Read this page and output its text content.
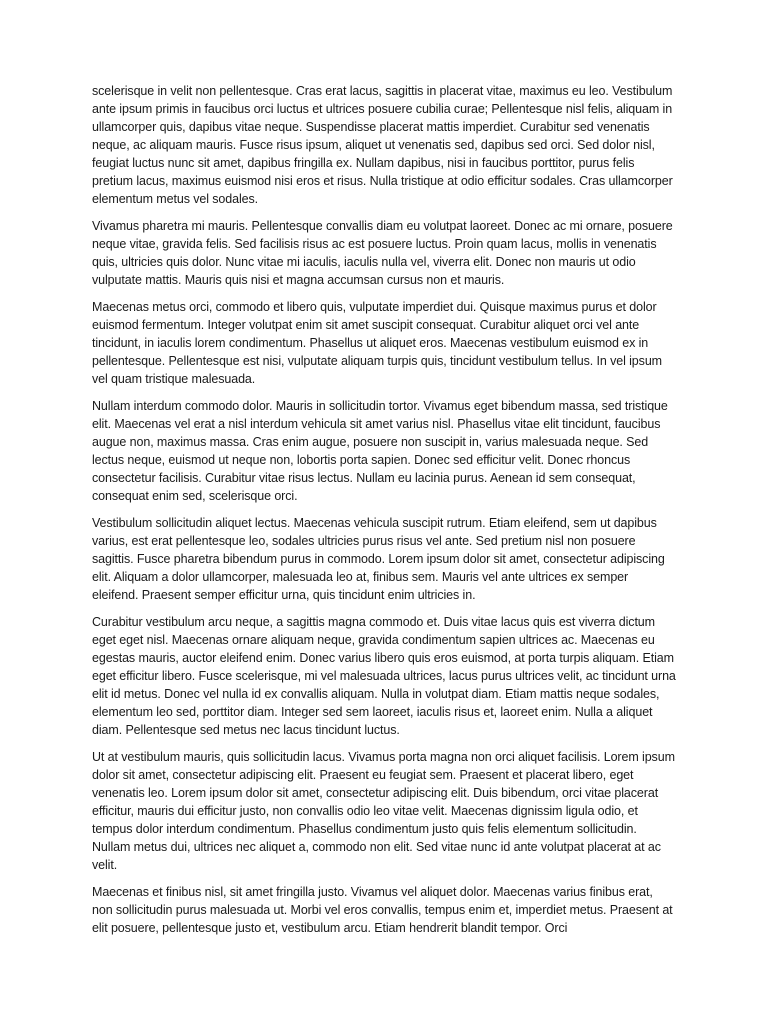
scelerisque in velit non pellentesque. Cras erat lacus, sagittis in placerat vitae, maximus eu leo. Vestibulum ante ipsum primis in faucibus orci luctus et ultrices posuere cubilia curae; Pellentesque nisl felis, aliquam in ullamcorper quis, dapibus vitae neque. Suspendisse placerat mattis imperdiet. Curabitur sed venenatis neque, ac aliquam mauris. Fusce risus ipsum, aliquet ut venenatis sed, dapibus sed orci. Sed dolor nisl, feugiat luctus nunc sit amet, dapibus fringilla ex. Nullam dapibus, nisi in faucibus porttitor, purus felis pretium lacus, maximus euismod nisi eros et risus. Nulla tristique at odio efficitur sodales. Cras ullamcorper elementum metus vel sodales.

Vivamus pharetra mi mauris. Pellentesque convallis diam eu volutpat laoreet. Donec ac mi ornare, posuere neque vitae, gravida felis. Sed facilisis risus ac est posuere luctus. Proin quam lacus, mollis in venenatis quis, ultricies quis dolor. Nunc vitae mi iaculis, iaculis nulla vel, viverra elit. Donec non mauris ut odio vulputate mattis. Mauris quis nisi et magna accumsan cursus non et mauris.

Maecenas metus orci, commodo et libero quis, vulputate imperdiet dui. Quisque maximus purus et dolor euismod fermentum. Integer volutpat enim sit amet suscipit consequat. Curabitur aliquet orci vel ante tincidunt, in iaculis lorem condimentum. Phasellus ut aliquet eros. Maecenas vestibulum euismod ex in pellentesque. Pellentesque est nisi, vulputate aliquam turpis quis, tincidunt vestibulum tellus. In vel ipsum vel quam tristique malesuada.

Nullam interdum commodo dolor. Mauris in sollicitudin tortor. Vivamus eget bibendum massa, sed tristique elit. Maecenas vel erat a nisl interdum vehicula sit amet varius nisl. Phasellus vitae elit tincidunt, faucibus augue non, maximus massa. Cras enim augue, posuere non suscipit in, varius malesuada neque. Sed lectus neque, euismod ut neque non, lobortis porta sapien. Donec sed efficitur velit. Donec rhoncus consectetur facilisis. Curabitur vitae risus lectus. Nullam eu lacinia purus. Aenean id sem consequat, consequat enim sed, scelerisque orci.

Vestibulum sollicitudin aliquet lectus. Maecenas vehicula suscipit rutrum. Etiam eleifend, sem ut dapibus varius, est erat pellentesque leo, sodales ultricies purus risus vel ante. Sed pretium nisl non posuere sagittis. Fusce pharetra bibendum purus in commodo. Lorem ipsum dolor sit amet, consectetur adipiscing elit. Aliquam a dolor ullamcorper, malesuada leo at, finibus sem. Mauris vel ante ultrices ex semper eleifend. Praesent semper efficitur urna, quis tincidunt enim ultricies in.

Curabitur vestibulum arcu neque, a sagittis magna commodo et. Duis vitae lacus quis est viverra dictum eget eget nisl. Maecenas ornare aliquam neque, gravida condimentum sapien ultrices ac. Maecenas eu egestas mauris, auctor eleifend enim. Donec varius libero quis eros euismod, at porta turpis aliquam. Etiam eget efficitur libero. Fusce scelerisque, mi vel malesuada ultrices, lacus purus ultrices velit, ac tincidunt urna elit id metus. Donec vel nulla id ex convallis aliquam. Nulla in volutpat diam. Etiam mattis neque sodales, elementum leo sed, porttitor diam. Integer sed sem laoreet, iaculis risus et, laoreet enim. Nulla a aliquet diam. Pellentesque sed metus nec lacus tincidunt luctus.

Ut at vestibulum mauris, quis sollicitudin lacus. Vivamus porta magna non orci aliquet facilisis. Lorem ipsum dolor sit amet, consectetur adipiscing elit. Praesent eu feugiat sem. Praesent et placerat libero, eget venenatis leo. Lorem ipsum dolor sit amet, consectetur adipiscing elit. Duis bibendum, orci vitae placerat efficitur, mauris dui efficitur justo, non convallis odio leo vitae velit. Maecenas dignissim ligula odio, et tempus dolor interdum condimentum. Phasellus condimentum justo quis felis elementum sollicitudin. Nullam metus dui, ultrices nec aliquet a, commodo non elit. Sed vitae nunc id ante volutpat placerat at ac velit.

Maecenas et finibus nisl, sit amet fringilla justo. Vivamus vel aliquet dolor. Maecenas varius finibus erat, non sollicitudin purus malesuada ut. Morbi vel eros convallis, tempus enim et, imperdiet metus. Praesent at elit posuere, pellentesque justo et, vestibulum arcu. Etiam hendrerit blandit tempor. Orci
